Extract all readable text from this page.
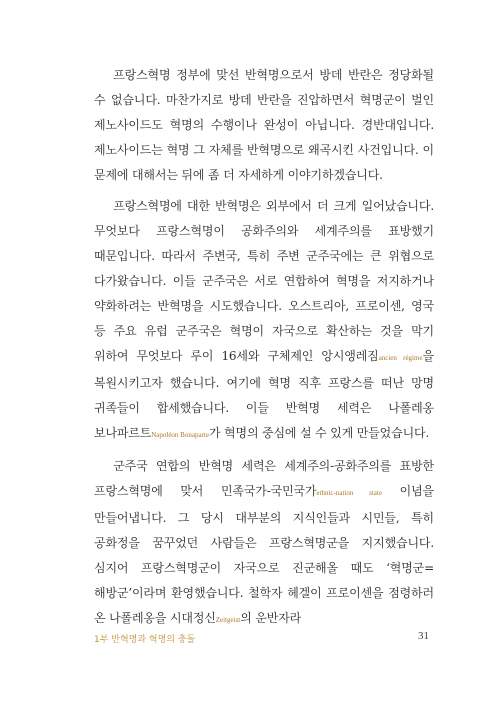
프랑스혁명 정부에 맞선 반혁명으로서 방데 반란은 정당화될 수 없습니다. 마찬가지로 방데 반란을 진압하면서 혁명군이 벌인 제노사이드도 혁명의 수행이나 완성이 아닙니다. 경반대입니다. 제노사이드는 혁명 그 자체를 반혁명으로 왜곡시킨 사건입니다. 이 문제에 대해서는 뒤에 좀 더 자세하게 이야기하겠습니다.

프랑스혁명에 대한 반혁명은 외부에서 더 크게 일어났습니다. 무엇보다 프랑스혁명이 공화주의와 세계주의를 표방했기 때문입니다. 따라서 주변국, 특히 주변 군주국에는 큰 위협으로 다가왔습니다. 이들 군주국은 서로 연합하여 혁명을 저지하거나 약화하려는 반혁명을 시도했습니다. 오스트리아, 프로이센, 영국 등 주요 유럽 군주국은 혁명이 자국으로 확산하는 것을 막기 위하여 무엇보다 루이 16세와 구체제인 앙시앵레짐ancien régime을 복원시키고자 했습니다. 여기에 혁명 직후 프랑스를 떠난 망명 귀족들이 합세했습니다. 이들 반혁명 세력은 나폴레옹 보나파르트Napoléon Bonaparte가 혁명의 중심에 설 수 있게 만들었습니다.

군주국 연합의 반혁명 세력은 세계주의-공화주의를 표방한 프랑스혁명에 맞서 민족국가-국민국가ethnic-nation state 이념을 만들어냅니다. 그 당시 대부분의 지식인들과 시민들, 특히 공화정을 꿈꾸었던 사람들은 프랑스혁명군을 지지했습니다. 심지어 프랑스혁명군이 자국으로 진군해올 때도 ‘혁명군=해방군’이라며 환영했습니다. 철학자 헤겔이 프로이센을 점령하러 온 나폴레옹을 시대정신Zeitgeist의 운반자라

1부 반혁명과 혁명의 충돌	31
